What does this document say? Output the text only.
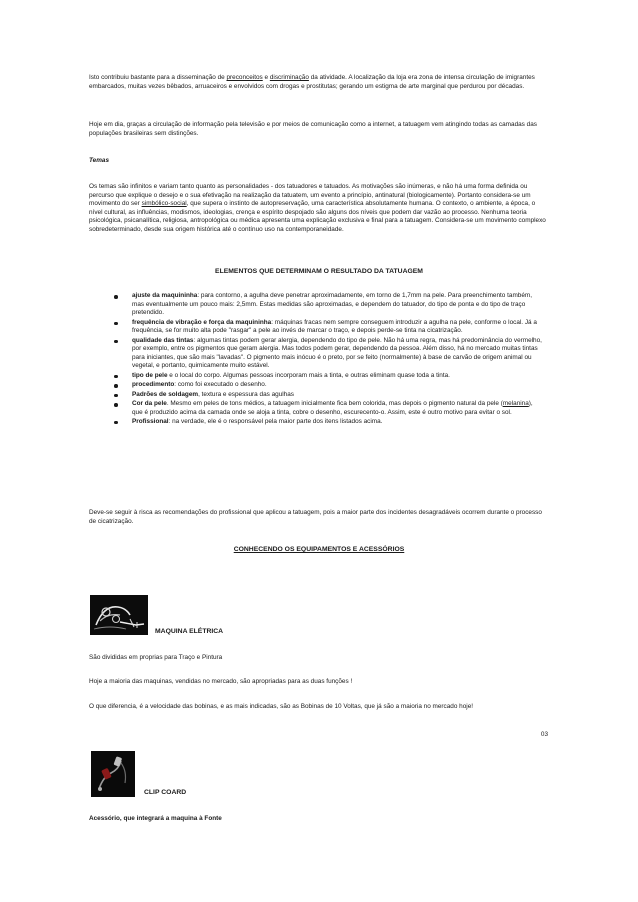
Isto contribuiu bastante para a disseminação de preconceitos e discriminação da atividade. A localização da loja era zona de intensa circulação de imigrantes embarcados, muitas vezes bêbados, arruaceiros e envolvidos com drogas e prostitutas; gerando um estigma de arte marginal que perdurou por décadas.
Hoje em dia, graças a circulação de informação pela televisão e por meios de comunicação como a internet, a tatuagem vem atingindo todas as camadas das populações brasileiras sem distinções.
Temas
Os temas são infinitos e variam tanto quanto as personalidades - dos tatuadores e tatuados. As motivações são inúmeras, e não há uma forma definida ou percurso que explique o desejo e o sua efetivação na realização da tatuatem, um evento a princípio, antinatural (biologicamente). Portanto considera-se um movimento do ser simbólico-social, que supera o instinto de autopreservação, uma característica absolutamente humana. O contexto, o ambiente, a época, o nível cultural, as influências, modismos, ideologias, crença e espírito despojado são alguns dos níveis que podem dar vazão ao processo. Nenhuma teoria psicológica, psicanalítica, religiosa, antropológica ou médica apresenta uma explicação exclusiva e final para a tatuagem. Considera-se um movimento complexo sobredeterminado, desde sua origem histórica até o contínuo uso na contemporaneidade.
ELEMENTOS QUE DETERMINAM O RESULTADO DA TATUAGEM
ajuste da maquininha: para contorno, a agulha deve penetrar aproximadamente, em torno de 1,7mm na pele. Para preenchimento também, mas eventualmente um pouco mais: 2,5mm. Estas medidas são aproximadas, e dependem do tatuador, do tipo de ponta e do tipo de traço pretendido.
frequência de vibração e força da maquininha: máquinas fracas nem sempre conseguem introduzir a agulha na pele, conforme o local. Já a frequência, se for muito alta pode "rasgar" a pele ao invés de marcar o traço, e depois perde-se tinta na cicatrização.
qualidade das tintas: algumas tintas podem gerar alergia, dependendo do tipo de pele. Não há uma regra, mas há predominância do vermelho, por exemplo, entre os pigmentos que geram alergia. Mas todos podem gerar, dependendo da pessoa. Além disso, há no mercado muitas tintas para iniciantes, que são mais "lavadas". O pigmento mais inócuo é o preto, por se feito (normalmente) à base de carvão de origem animal ou vegetal, e portanto, quimicamente muito estável.
tipo de pele e o local do corpo. Algumas pessoas incorporam mais a tinta, e outras eliminam quase toda a tinta.
procedimento: como foi executado o desenho.
Padrões de soldagem, textura e espessura das agulhas
Cor da pele. Mesmo em peles de tons médios, a tatuagem inicialmente fica bem colorida, mas depois o pigmento natural da pele (melanina), que é produzido acima da camada onde se aloja a tinta, cobre o desenho, escurecento-o. Assim, este é outro motivo para evitar o sol.
Profissional: na verdade, ele é o responsável pela maior parte dos itens listados acima.
Deve-se seguir à risca as recomendações do profissional que aplicou a tatuagem, pois a maior parte dos incidentes desagradáveis ocorrem durante o processo de cicatrização.
CONHECENDO OS EQUIPAMENTOS E ACESSÓRIOS
MAQUINA ELÉTRICA
São divididas em proprias para Traço e Pintura
Hoje a maioria das maquinas, vendidas no mercado, são apropriadas para as duas funções !
O que diferencia, é a velocidade das bobinas, e as mais indicadas, são as Bobinas de 10 Voltas, que já são a maioria no mercado hoje!
03
CLIP COARD
Acessório, que integrará a maquina à Fonte
